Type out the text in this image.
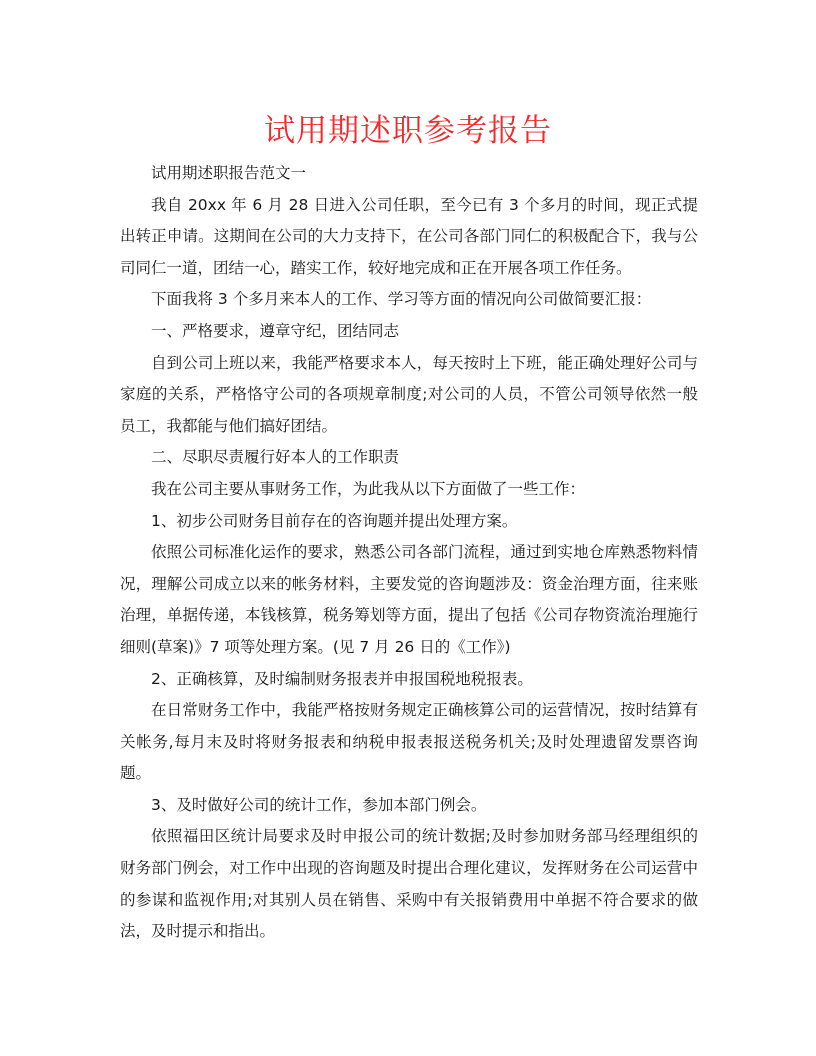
试用期述职参考报告

试用期述职报告范文一

我自 20xx 年 6 月 28 日进入公司任职，至今已有 3 个多月的时间，现正式提出转正申请。这期间在公司的大力支持下，在公司各部门同仁的积极配合下，我与公司同仁一道，团结一心，踏实工作，较好地完成和正在开展各项工作任务。

下面我将 3 个多月来本人的工作、学习等方面的情况向公司做简要汇报：

一、严格要求，遵章守纪，团结同志

自到公司上班以来，我能严格要求本人，每天按时上下班，能正确处理好公司与家庭的关系，严格恪守公司的各项规章制度;对公司的人员，不管公司领导依然一般员工，我都能与他们搞好团结。

二、尽职尽责履行好本人的工作职责

我在公司主要从事财务工作，为此我从以下方面做了一些工作：

1、初步公司财务目前存在的咨询题并提出处理方案。

依照公司标准化运作的要求，熟悉公司各部门流程，通过到实地仓库熟悉物料情况，理解公司成立以来的帐务材料，主要发觉的咨询题涉及：资金治理方面，往来账治理，单据传递，本钱核算，税务筹划等方面，提出了包括《公司存物资流治理施行细则(草案)》7 项等处理方案。(见 7 月 26 日的《工作》)

2、正确核算，及时编制财务报表并申报国税地税报表。

在日常财务工作中，我能严格按财务规定正确核算公司的运营情况，按时结算有关帐务,每月末及时将财务报表和纳税申报表报送税务机关;及时处理遗留发票咨询题。

3、及时做好公司的统计工作，参加本部门例会。

依照福田区统计局要求及时申报公司的统计数据;及时参加财务部马经理组织的财务部门例会，对工作中出现的咨询题及时提出合理化建议，发挥财务在公司运营中的参谋和监视作用;对其别人员在销售、采购中有关报销费用中单据不符合要求的做法，及时提示和指出。
